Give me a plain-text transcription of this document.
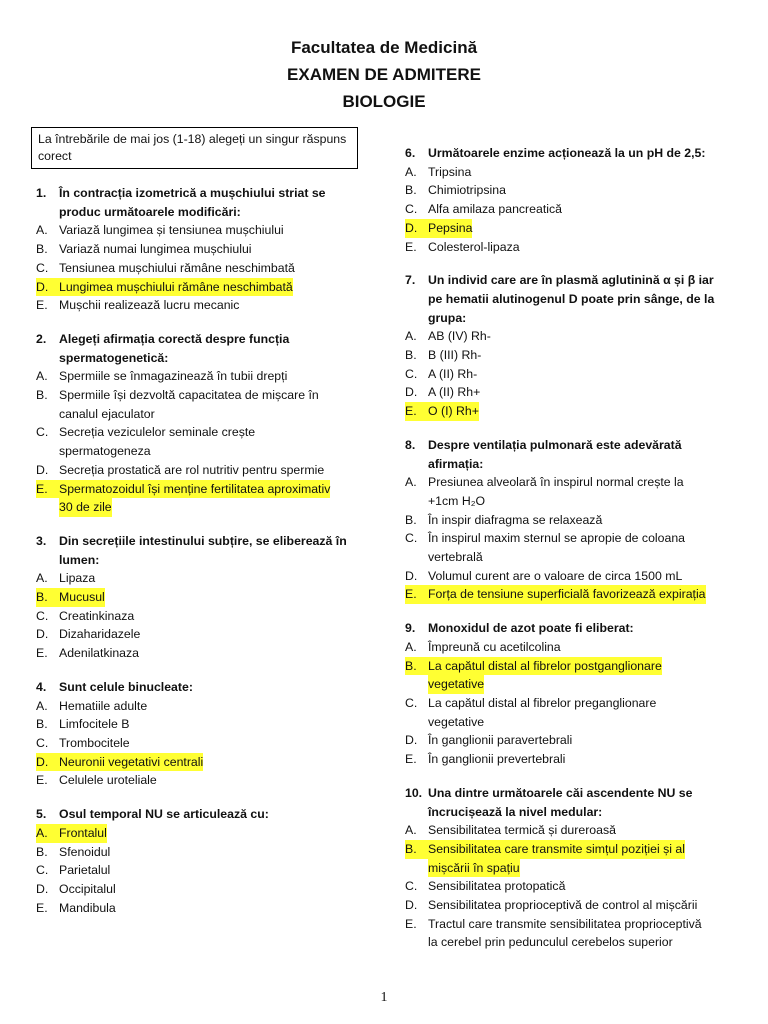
Facultatea de Medicină
EXAMEN DE ADMITERE
BIOLOGIE
La întrebările de mai jos (1-18) alegeți un singur răspuns corect
1.	În contracția izometrică a mușchiului striat se
produc următoarele modificări:
A. Variază lungimea și tensiunea mușchiului
B. Variază numai lungimea mușchiului
C. Tensiunea mușchiului rămâne neschimbată
D. Lungimea mușchiului rămâne neschimbată
E. Mușchii realizează lucru mecanic
2.	Alegeți afirmația corectă despre funcția
spermatogenetică:
A. Spermiile se înmagazinează în tubii drepți
B. Spermiile își dezvoltă capacitatea de mișcare în
canalul ejaculator
C. Secreția veziculelor seminale crește
spermatogeneza
D. Secreția prostatică are rol nutritiv pentru spermie
E. Spermatozoidul își menține fertilitatea aproximativ
30 de zile
3.	Din secrețiile intestinului subțire, se eliberează în
lumen:
A. Lipaza
B. Mucusul
C. Creatinkinaza
D. Dizaharidazele
E. Adenilatkinaza
4.	Sunt celule binucleate:
A. Hematiile adulte
B. Limfocitele B
C. Trombocitele
D. Neuronii vegetativi centrali
E. Celulele uroteliale
5.	Osul temporal NU se articulează cu:
A. Frontalul
B. Sfenoidul
C. Parietalul
D. Occipitalul
E. Mandibula
6.	Următoarele enzime acționează la un pH de 2,5:
A. Tripsina
B. Chimiotripsina
C. Alfa amilaza pancreatică
D. Pepsina
E. Colesterol-lipaza
7.	Un individ care are în plasmă aglutinină α și β iar
pe hematii alutinogenul D poate prin sânge, de la
grupa:
A. AB (IV) Rh-
B. B (III) Rh-
C. A (II) Rh-
D. A (II) Rh+
E. O (I) Rh+
8.	Despre ventilația pulmonară este adevărată
afirmația:
A. Presiunea alveolară în inspirul normal crește la
+1cm H₂O
B. În inspir diafragma se relaxează
C. În inspirul maxim sternul se apropie de coloana
vertebrală
D. Volumul curent are o valoare de circa 1500 mL
E. Forța de tensiune superficială favorizează expirația
9.	Monoxidul de azot poate fi eliberat:
A. Împreună cu acetilcolina
B. La capătul distal al fibrelor postganglionare
vegetative
C. La capătul distal al fibrelor preganglionare
vegetative
D. În ganglionii paravertebrali
E. În ganglionii prevertebrali
10. Una dintre următoarele căi ascendente NU se
încrucișează la nivel medular:
A. Sensibilitatea termică și dureroasă
B. Sensibilitatea care transmite simțul poziției și al
mișcării în spațiu
C. Sensibilitatea protopatică
D. Sensibilitatea proprioceptivă de control al mișcării
E. Tractul care transmite sensibilitatea proprioceptivă
la cerebel prin pedunculul cerebelos superior
1
